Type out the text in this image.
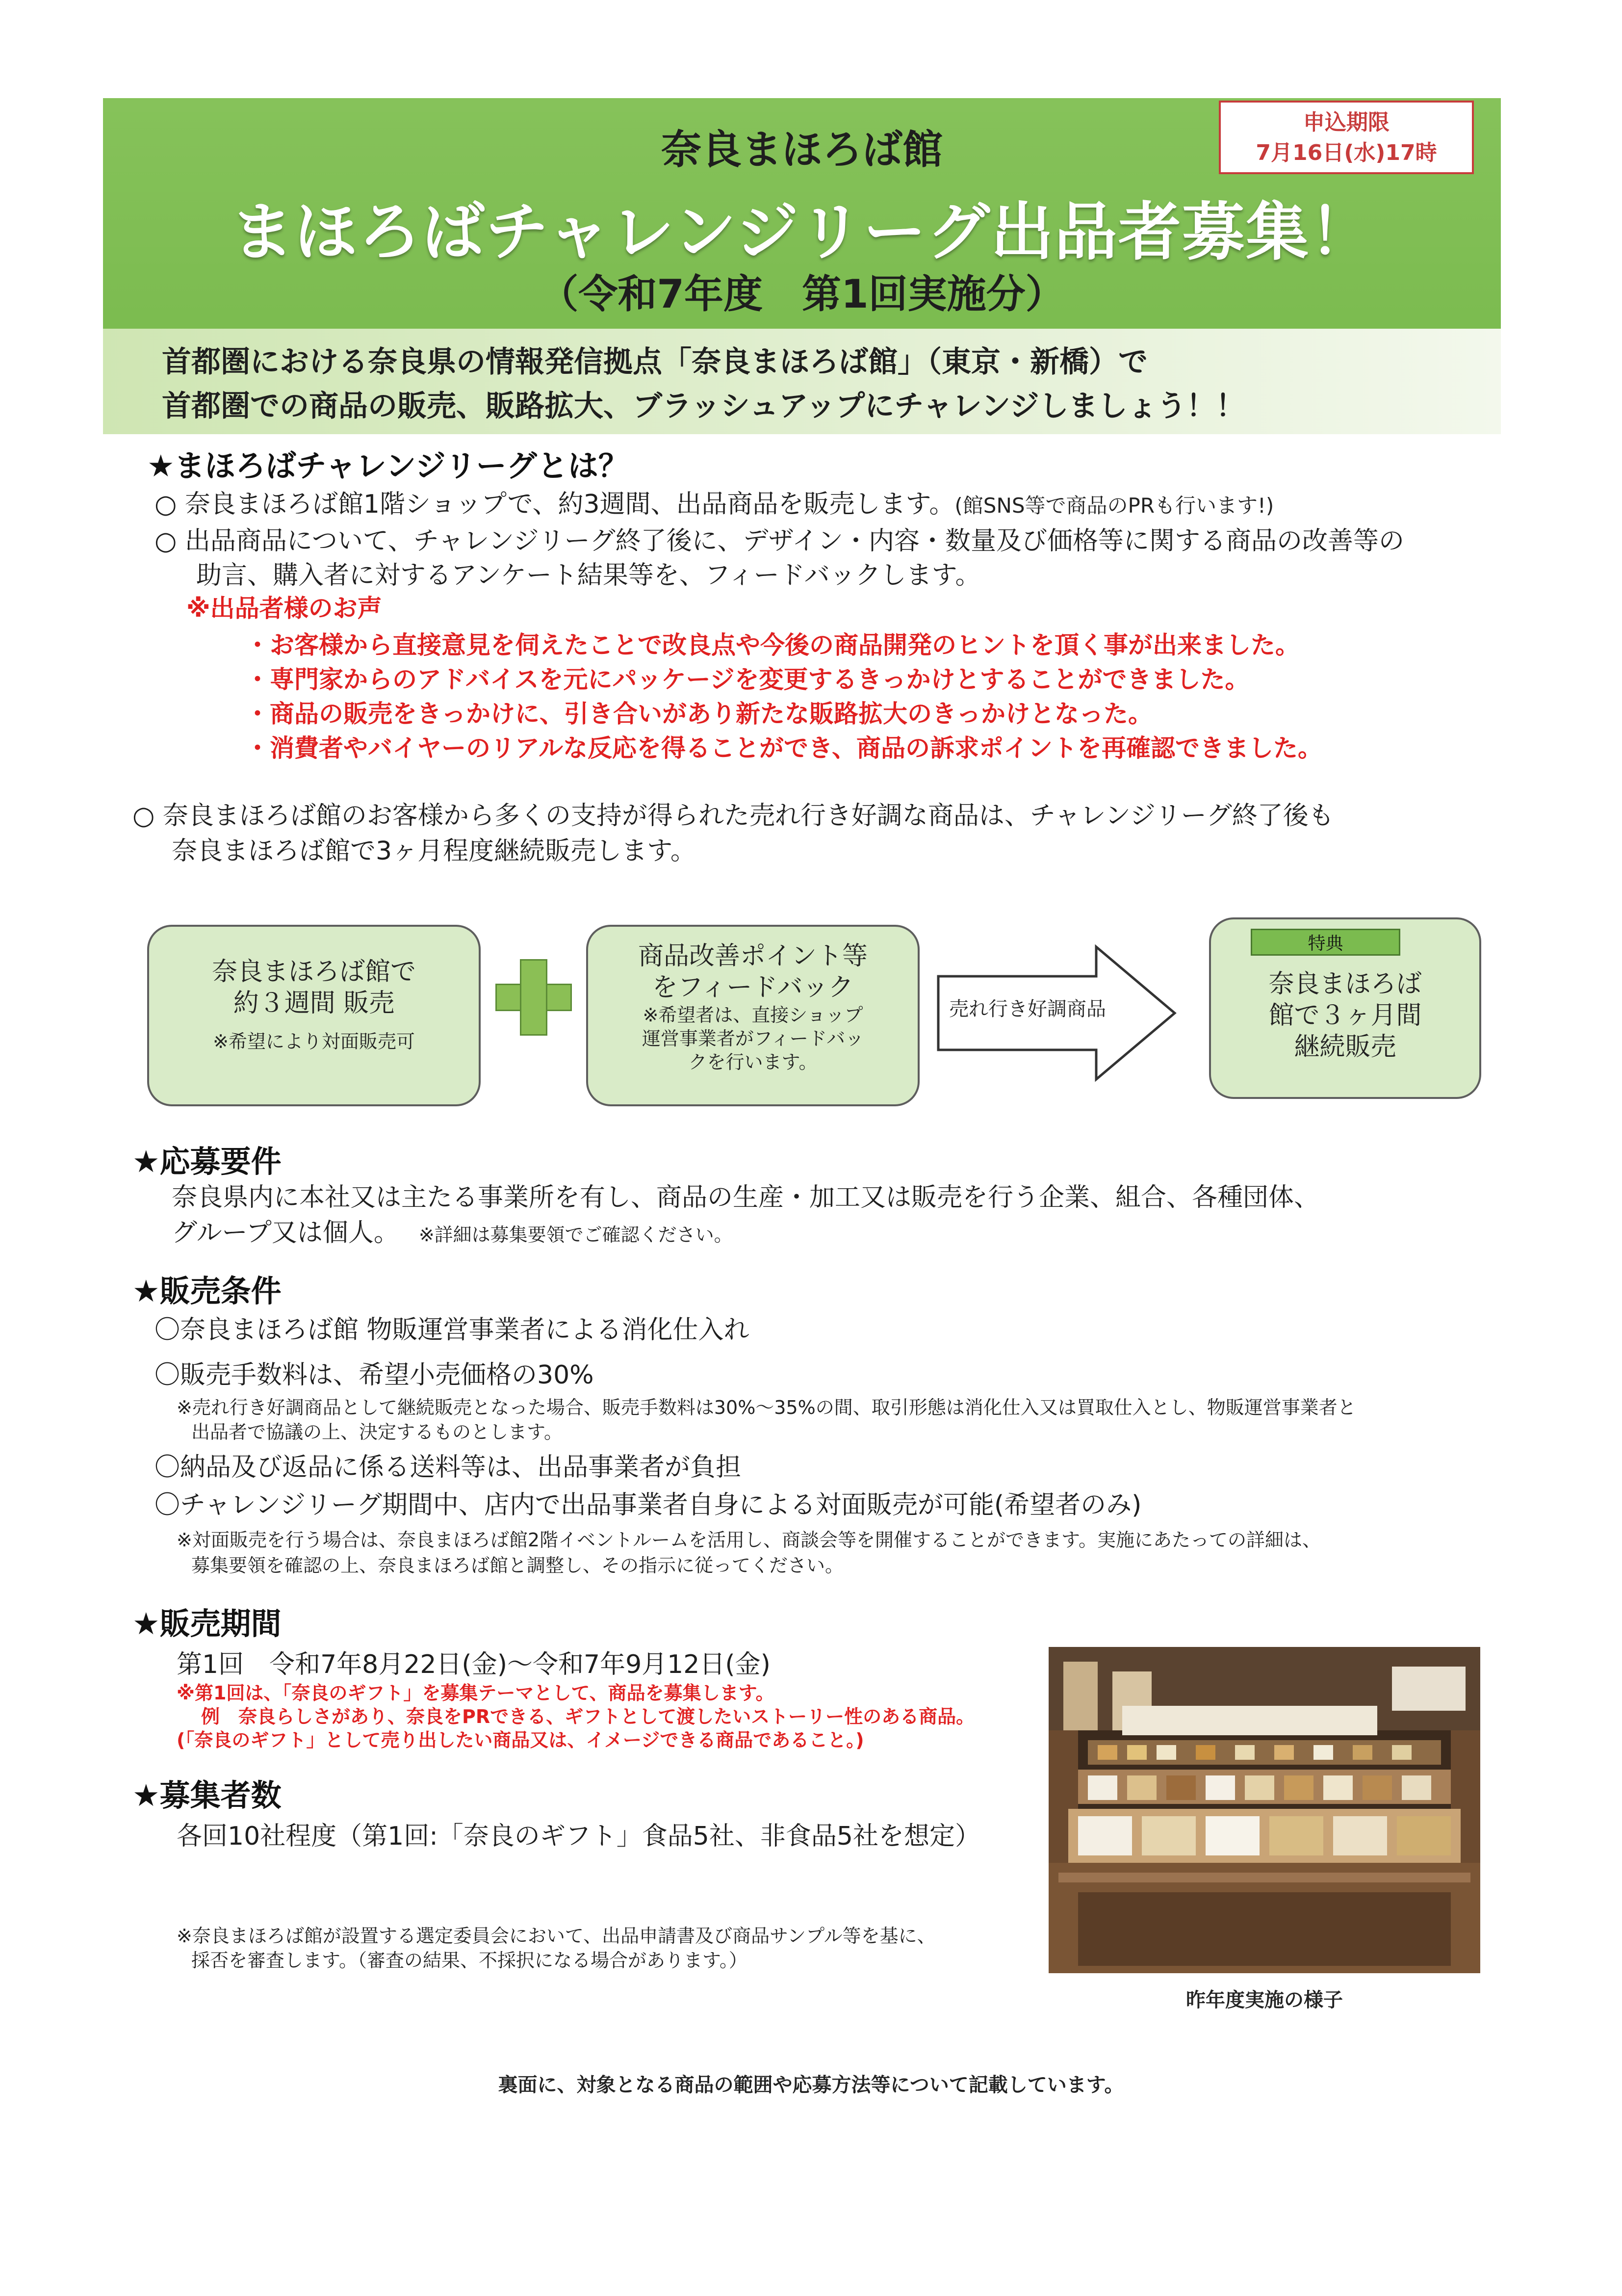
奈良まほろば館
申込期限
7月16日(水)17時
まほろばチャレンジリーグ出品者募集！
（令和7年度　第1回実施分）
首都圏における奈良県の情報発信拠点「奈良まほろば館」（東京・新橋）で
首都圏での商品の販売、販路拡大、ブラッシュアップにチャレンジしましょう！！
★まほろばチャレンジリーグとは？
○ 奈良まほろば館1階ショップで、約3週間、出品商品を販売します。(館SNS等で商品のPRも行います!)
○ 出品商品について、チャレンジリーグ終了後に、デザイン・内容・数量及び価格等に関する商品の改善等の
助言、購入者に対するアンケート結果等を、フィードバックします。
※出品者様のお声
・お客様から直接意見を伺えたことで改良点や今後の商品開発のヒントを頂く事が出来ました。
・専門家からのアドバイスを元にパッケージを変更するきっかけとすることができました。
・商品の販売をきっかけに、引き合いがあり新たな販路拡大のきっかけとなった。
・消費者やバイヤーのリアルな反応を得ることができ、商品の訴求ポイントを再確認できました。
○ 奈良まほろば館のお客様から多くの支持が得られた売れ行き好調な商品は、チャレンジリーグ終了後も
奈良まほろば館で3ヶ月程度継続販売します。
奈良まほろば館で
約３週間 販売
※希望により対面販売可
商品改善ポイント等
をフィードバック
※希望者は、直接ショップ
運営事業者がフィードバッ
クを行います。
売れ行き好調商品
奈良まほろば
館で３ヶ月間
継続販売
特典
★応募要件
奈良県内に本社又は主たる事業所を有し、商品の生産・加工又は販売を行う企業、組合、各種団体、
グループ又は個人。 ※詳細は募集要領でご確認ください。
★販売条件
〇奈良まほろば館 物販運営事業者による消化仕入れ
〇販売手数料は、希望小売価格の30%
※売れ行き好調商品として継続販売となった場合、販売手数料は30%～35%の間、取引形態は消化仕入又は買取仕入とし、物販運営事業者と
出品者で協議の上、決定するものとします。
〇納品及び返品に係る送料等は、出品事業者が負担
〇チャレンジリーグ期間中、店内で出品事業者自身による対面販売が可能(希望者のみ)
※対面販売を行う場合は、奈良まほろば館2階イベントルームを活用し、商談会等を開催することができます。実施にあたっての詳細は、
募集要領を確認の上、奈良まほろば館と調整し、その指示に従ってください。
★販売期間
第1回　令和7年8月22日(金)～令和7年9月12日(金)
※第1回は、「奈良のギフト」を募集テーマとして、商品を募集します。
例　奈良らしさがあり、奈良をPRできる、ギフトとして渡したいストーリー性のある商品。
(「奈良のギフト」として売り出したい商品又は、イメージできる商品であること。)
★募集者数
各回10社程度（第1回:「奈良のギフト」食品5社、非食品5社を想定）
※奈良まほろば館が設置する選定委員会において、出品申請書及び商品サンプル等を基に、
採否を審査します。（審査の結果、不採択になる場合があります。）
昨年度実施の様子
裏面に、対象となる商品の範囲や応募方法等について記載しています。
